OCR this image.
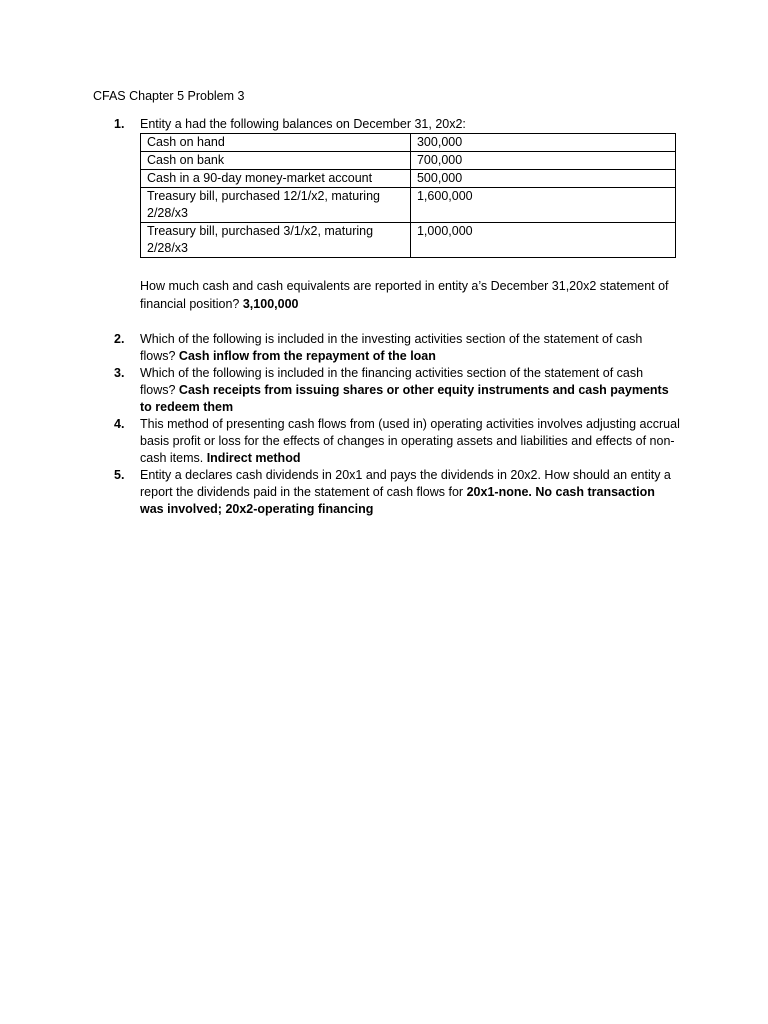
CFAS Chapter 5 Problem 3
1. Entity a had the following balances on December 31, 20x2:
Cash on hand	300,000
Cash on bank	700,000
Cash in a 90-day money-market account	500,000
Treasury bill, purchased 12/1/x2, maturing 2/28/x3	1,600,000
Treasury bill, purchased 3/1/x2, maturing 2/28/x3	1,000,000
How much cash and cash equivalents are reported in entity a’s December 31,20x2 statement of financial position? 3,100,000
2. Which of the following is included in the investing activities section of the statement of cash flows? Cash inflow from the repayment of the loan
3. Which of the following is included in the financing activities section of the statement of cash flows? Cash receipts from issuing shares or other equity instruments and cash payments to redeem them
4. This method of presenting cash flows from (used in) operating activities involves adjusting accrual basis profit or loss for the effects of changes in operating assets and liabilities and effects of non-cash items. Indirect method
5. Entity a declares cash dividends in 20x1 and pays the dividends in 20x2. How should an entity a report the dividends paid in the statement of cash flows for 20x1-none. No cash transaction was involved; 20x2-operating financing
